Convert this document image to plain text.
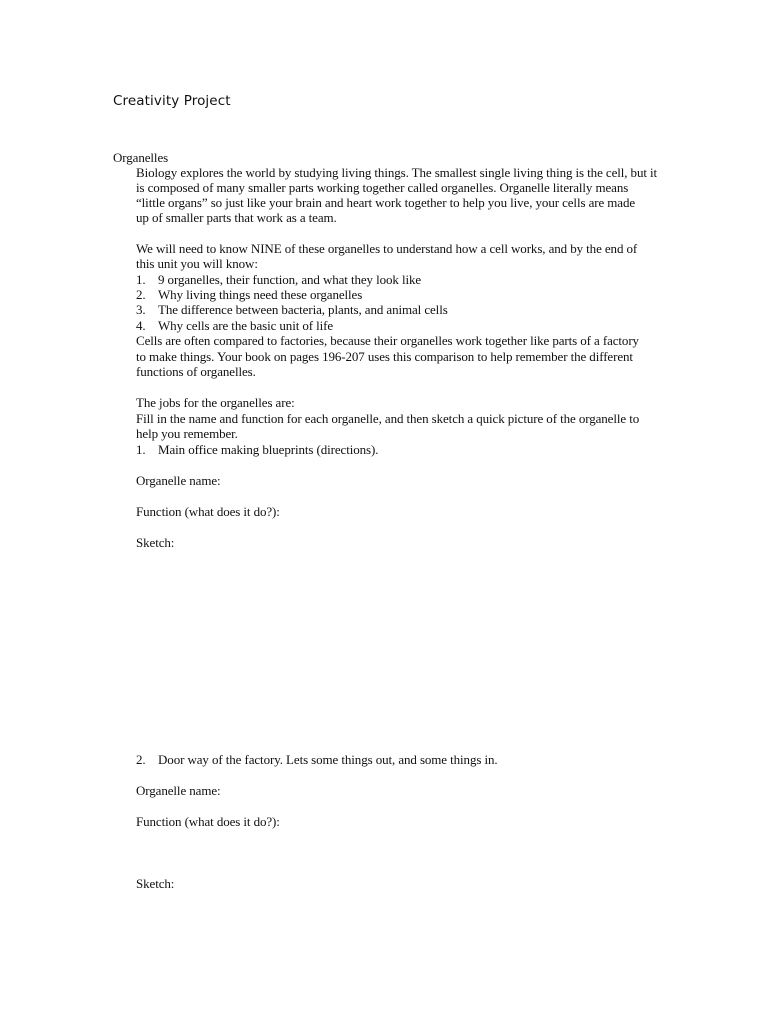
Creativity Project
Organelles
Biology explores the world by studying living things. The smallest single living thing is the cell, but it
is composed of many smaller parts working together called organelles. Organelle literally means
“little organs” so just like your brain and heart work together to help you live, your cells are made
up of smaller parts that work as a team.
We will need to know NINE of these organelles to understand how a cell works, and by the end of
this unit you will know:
1. 9 organelles, their function, and what they look like
2. Why living things need these organelles
3. The difference between bacteria, plants, and animal cells
4. Why cells are the basic unit of life
Cells are often compared to factories, because their organelles work together like parts of a factory
to make things. Your book on pages 196-207 uses this comparison to help remember the different
functions of organelles.
The jobs for the organelles are:
Fill in the name and function for each organelle, and then sketch a quick picture of the organelle to
help you remember.
1. Main office making blueprints (directions).
Organelle name:
Function (what does it do?):
Sketch:
2. Door way of the factory. Lets some things out, and some things in.
Organelle name:
Function (what does it do?):
Sketch:
